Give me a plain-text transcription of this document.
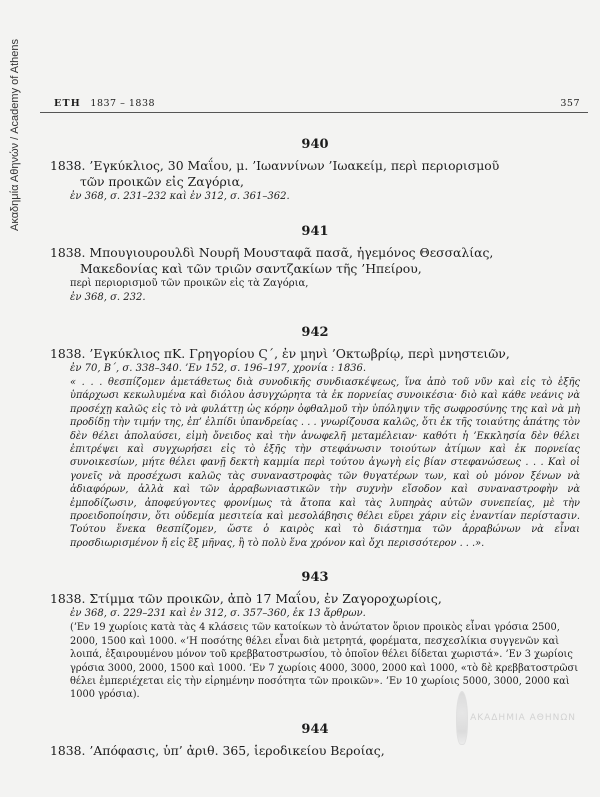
Ακαδημία Αθηνών / Academy of Athens	ΕΤΗ 1837 – 1838	357
940
1838. ’Εγκύκλιος, 30 Μαΐου, μ. ’Ιωαννίνων ’Ιωακείμ, περὶ περιορισμοῦ
τῶν προικῶν εἰς Ζαγόρια,
ἐν 368, σ. 231–232 καὶ ἐν 312, σ. 361–362.
941
1838. Μπουγιουρουλδὶ Νουρῆ Μουσταφᾶ πασᾶ, ἡγεμόνος Θεσσαλίας,
Μακεδονίας καὶ τῶν τριῶν σαντζακίων τῆς ’Ηπείρου,
περὶ περιορισμοῦ τῶν προικῶν εἰς τὰ Ζαγόρια,
ἐν 368, σ. 232.
942
1838. ’Εγκύκλιος πΚ. Γρηγορίου Ϛ΄, ἐν μηνὶ ’Οκτωβρίῳ, περὶ μνηστειῶν,
ἐν 70, Β΄, σ. 338–340. ’Εν 152, σ. 196–197, χρονία : 1836.
« . . . θεσπίζομεν ἀμετάθετως διὰ συνοδικῆς συνδιασκέψεως, ἵνα ἀπὸ τοῦ νῦν καὶ εἰς τὸ ἑξῆς ὑπάρχωσι κεκωλυμένα καὶ διόλου ἀσυγχώρητα τὰ ἐκ πορνείας συνοικέσια· διὸ καὶ κάθε νεάνις νὰ προσέχῃ καλῶς εἰς τὸ νὰ φυλάττῃ ὡς κόρην ὀφθαλμοῦ τὴν ὑπόληψιν τῆς σωφροσύνης της καὶ νὰ μὴ προδίδῃ τὴν τιμήν της, ἐπ’ ἐλπίδι ὑπανδρείας . . . γνωρίζουσα καλῶς, ὅτι ἐκ τῆς τοιαύτης ἀπάτης τὸν δὲν θέλει ἀπολαύσει, εἰμὴ ὄνειδος καὶ τὴν ἀνωφελῆ μεταμέλειαν· καθότι ἡ ’Εκκλησία δὲν θέλει ἐπιτρέψει καὶ συγχωρήσει εἰς τὸ ἑξῆς τὴν στεφάνωσιν τοιούτων ἀτίμων καὶ ἐκ πορνείας συνοικεσίων, μήτε θέλει φανῇ δεκτὴ καμμία περὶ τούτου ἀγωγὴ εἰς βίαν στεφανώσεως . . . Καὶ οἱ γονεῖς νὰ προσέχωσι καλῶς τὰς συναναστροφὰς τῶν θυγατέρων των, καὶ οὐ μόνον ξένων νὰ ἀδιαφόρων, ἀλλὰ καὶ τῶν ἀρραβωνιαστικῶν τὴν συχνὴν εἴσοδον καὶ συναναστροφὴν νὰ ἐμποδίζωσιν, ἀποφεύγοντες φρονίμως τὰ ἄτοπα καὶ τὰς λυπηρὰς αὐτῶν συνεπείας, μὲ τὴν προειδοποίησιν, ὅτι οὐδεμία μεσιτεία καὶ μεσολάβησις θέλει εὕρει χάριν εἰς ἐναντίαν περίστασιν. Τούτου ἕνεκα θεσπίζομεν, ὥστε ὁ καιρὸς καὶ τὸ διάστημα τῶν ἀρραβώνων νὰ εἶναι προσδιωρισμένον ἤ εἰς ἓξ μῆνας, ἢ τὸ πολὺ ἕνα χρόνον καὶ ὄχι περισσότερον . . .».
943
1838. Στίμμα τῶν προικῶν, ἀπὸ 17 Μαΐου, ἐν Ζαγοροχωρίοις,
ἐν 368, σ. 229–231 καὶ ἐν 312, σ. 357–360, ἐκ 13 ἄρθρων.
(’Εν 19 χωρίοις κατὰ τὰς 4 κλάσεις τῶν κατοίκων τὸ ἀνώτατον ὅριον προικὸς εἶναι γρόσια 2500, 2000, 1500 καὶ 1000. «’Η ποσότης θέλει εἶναι διὰ μετρητά, φορέματα, πεσχεσλίκια συγγενῶν καὶ λοιπά, ἐξαιρουμένου μόνον τοῦ κρεββατοστρωσίου, τὸ ὁποῖον θέλει δίδεται χωριστά». ’Εν 3 χωρίοις γρόσια 3000, 2000, 1500 καὶ 1000. ’Εν 7 χωρίοις 4000, 3000, 2000 καὶ 1000, «τὸ δὲ κρεββατοστρῶσι θέλει ἐμπεριέχεται εἰς τὴν εἰρημένην ποσότητα τῶν προικῶν». ’Εν 10 χωρίοις 5000, 3000, 2000 καὶ 1000 γρόσια).
944
1838. ’Απόφασις, ὑπ’ ἀριθ. 365, ἱεροδικείου Βεροίας,
ΑΚΑΔΗΜΙΑ ΑΘΗΝΩΝ
